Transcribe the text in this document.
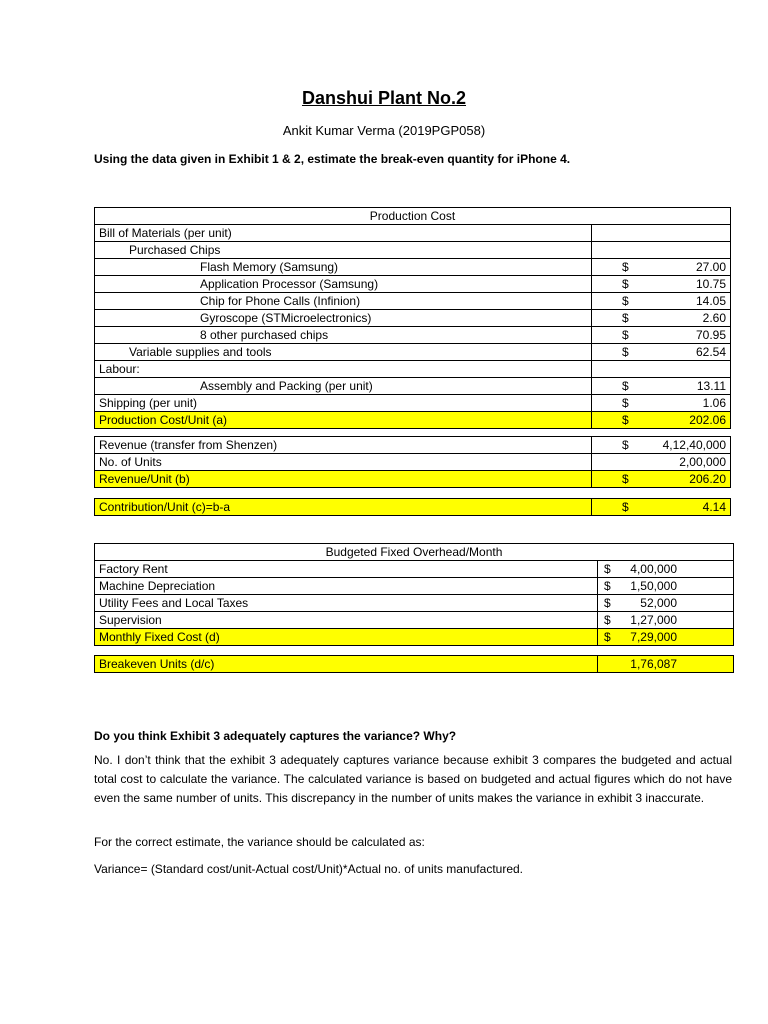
Danshui Plant No.2
Ankit Kumar Verma (2019PGP058)
Using the data given in Exhibit 1 & 2, estimate the break-even quantity for iPhone 4.
Production Cost
Bill of Materials (per unit)
Purchased Chips
Flash Memory (Samsung)	$	27.00
Application Processor (Samsung)	$	10.75
Chip for Phone Calls (Infinion)	$	14.05
Gyroscope (STMicroelectronics)	$	2.60
8 other purchased chips	$	70.95
Variable supplies and tools	$	62.54
Labour:
Assembly and Packing (per unit)	$	13.11
Shipping (per unit)	$	1.06
Production Cost/Unit (a)	$	202.06
Revenue (transfer from Shenzen)	$	4,12,40,000
No. of Units	2,00,000
Revenue/Unit (b)	$	206.20
Contribution/Unit (c)=b-a	$	4.14
Budgeted Fixed Overhead/Month
Factory Rent	$ 4,00,000
Machine Depreciation	$ 1,50,000
Utility Fees and Local Taxes	$ 52,000
Supervision	$ 1,27,000
Monthly Fixed Cost (d)	$ 7,29,000
Breakeven Units (d/c)	1,76,087
Do you think Exhibit 3 adequately captures the variance? Why?
No. I don’t think that the exhibit 3 adequately captures variance because exhibit 3 compares the budgeted and actual total cost to calculate the variance. The calculated variance is based on budgeted and actual figures which do not have even the same number of units. This discrepancy in the number of units makes the variance in exhibit 3 inaccurate.
For the correct estimate, the variance should be calculated as:
Variance= (Standard cost/unit-Actual cost/Unit)*Actual no. of units manufactured.
